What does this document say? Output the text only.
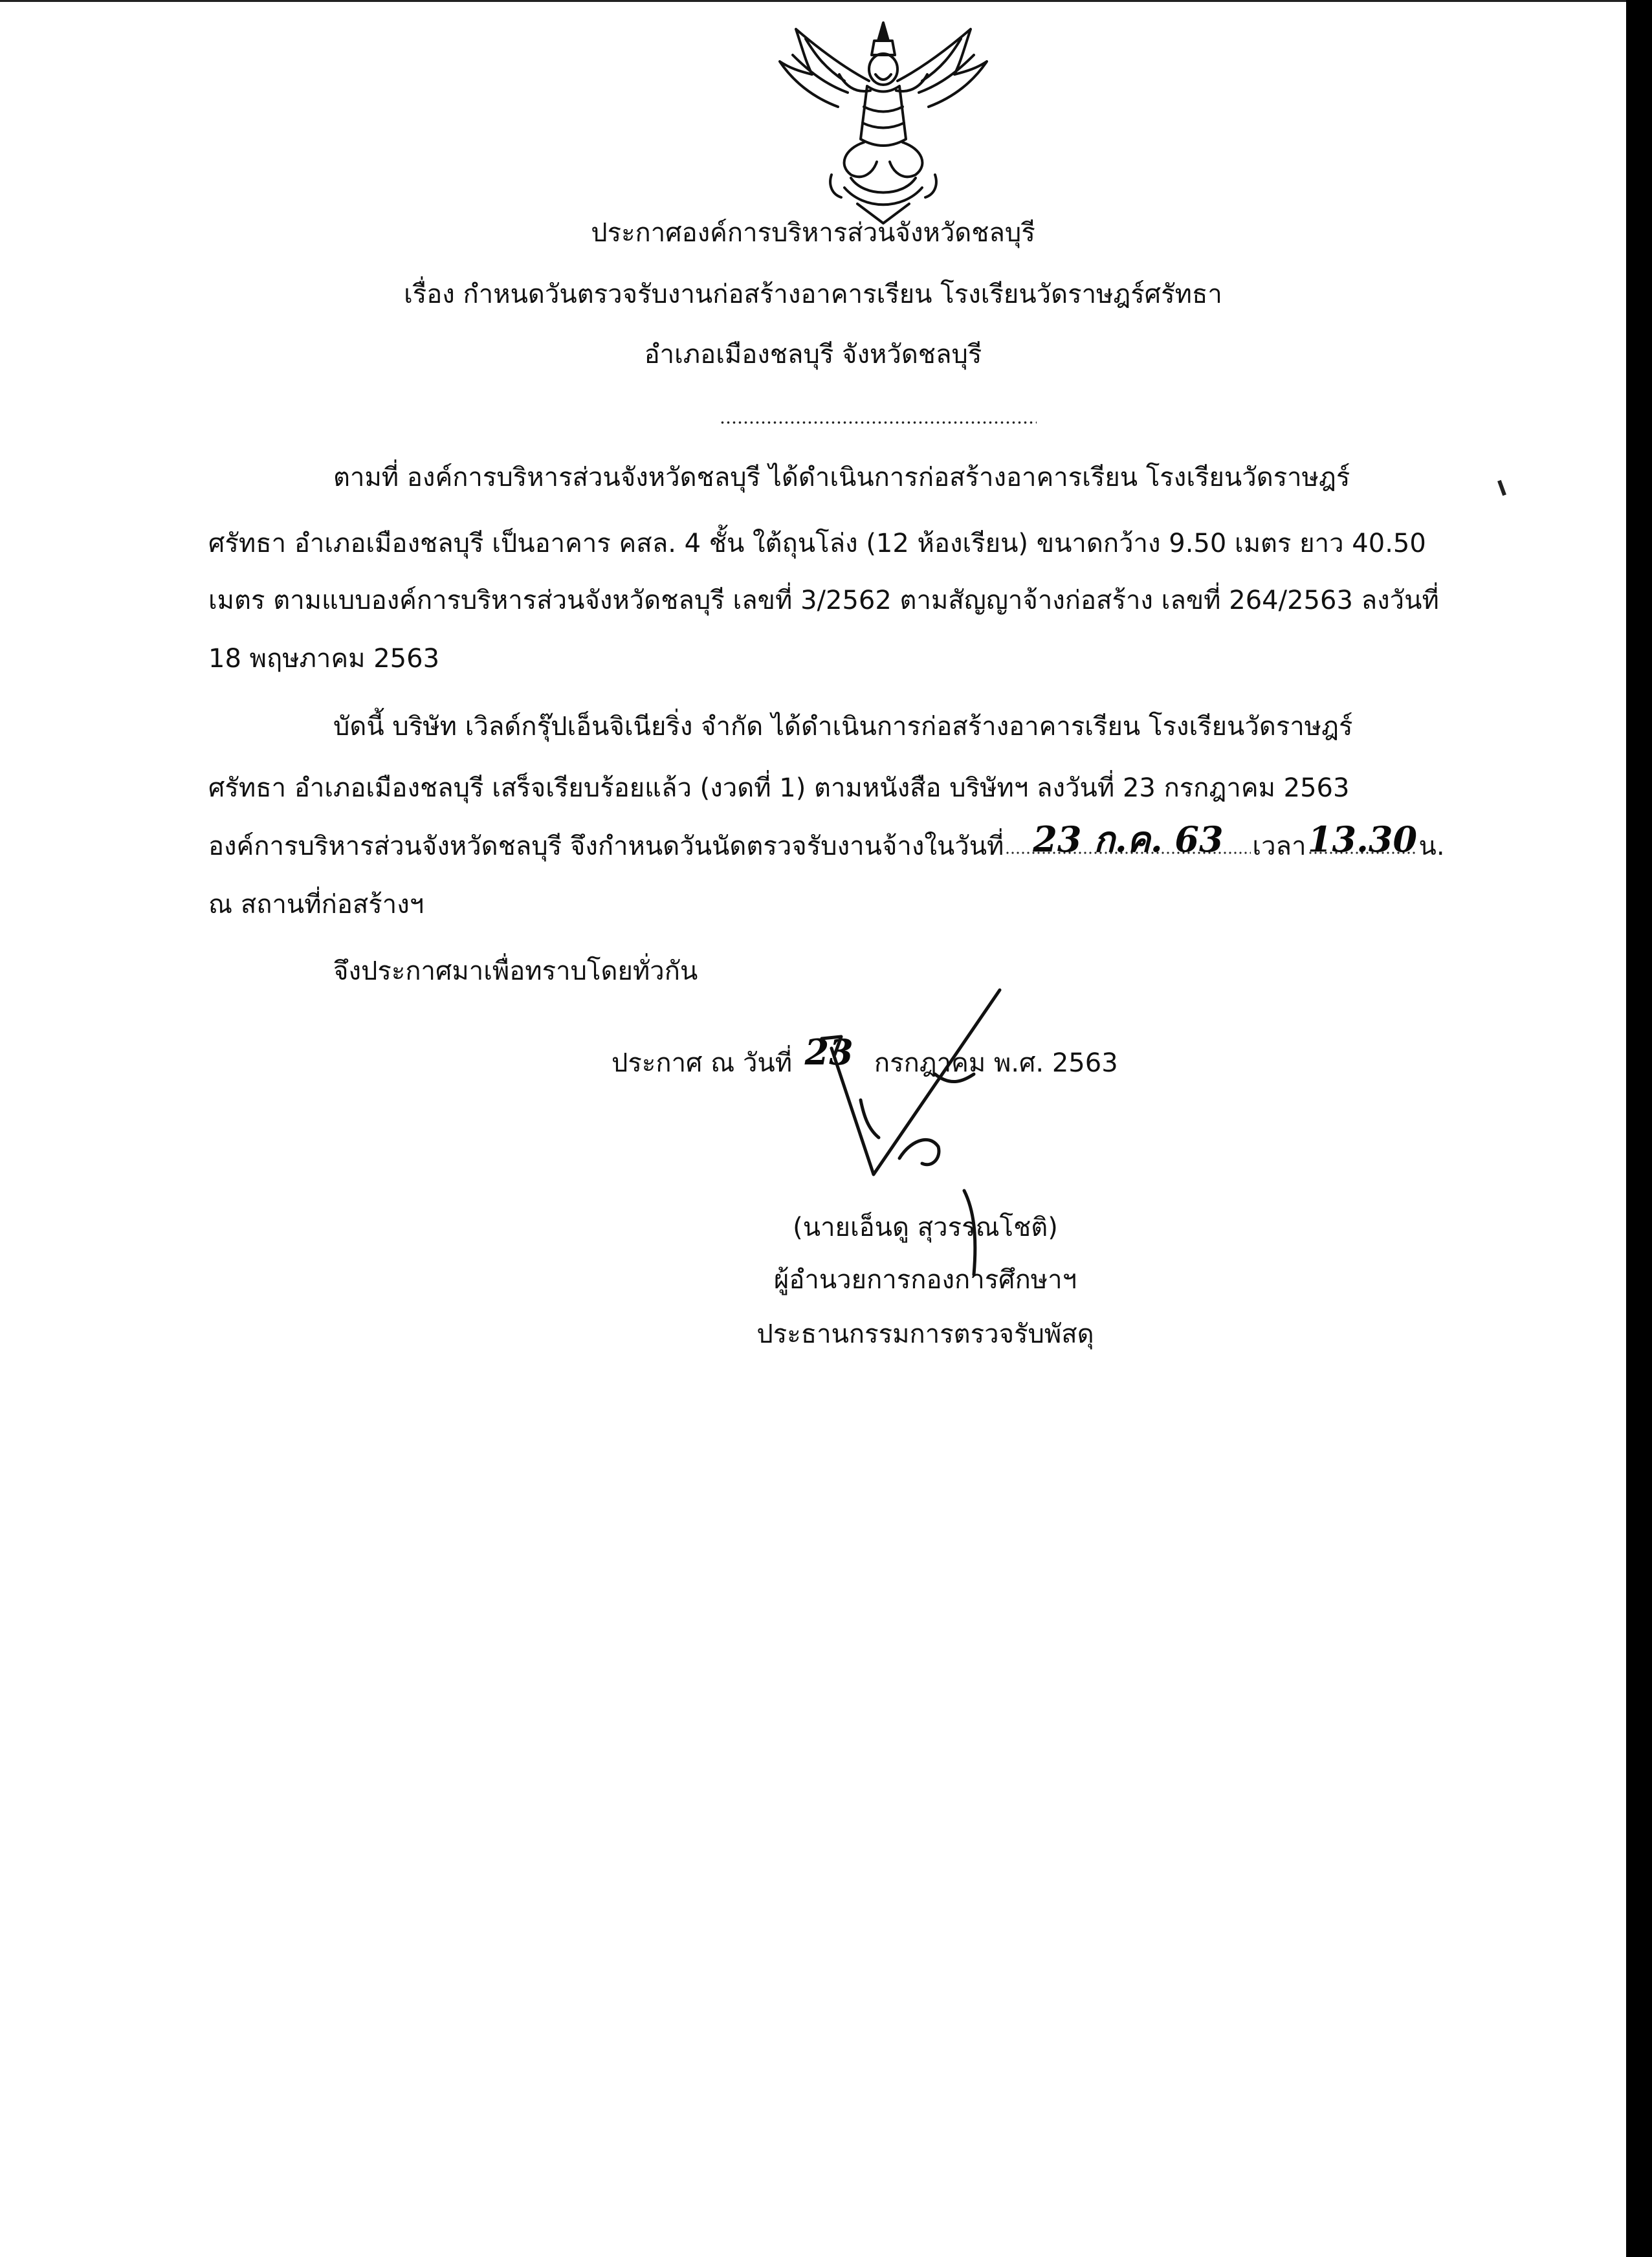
ประกาศองค์การบริหารส่วนจังหวัดชลบุรี
เรื่อง กำหนดวันตรวจรับงานก่อสร้างอาคารเรียน โรงเรียนวัดราษฎร์ศรัทธา
อำเภอเมืองชลบุรี จังหวัดชลบุรี
ตามที่ องค์การบริหารส่วนจังหวัดชลบุรี ได้ดำเนินการก่อสร้างอาคารเรียน โรงเรียนวัดราษฎร์
ศรัทธา อำเภอเมืองชลบุรี เป็นอาคาร คสล. 4 ชั้น ใต้ถุนโล่ง (12 ห้องเรียน) ขนาดกว้าง 9.50 เมตร ยาว 40.50
เมตร ตามแบบองค์การบริหารส่วนจังหวัดชลบุรี เลขที่ 3/2562 ตามสัญญาจ้างก่อสร้าง เลขที่ 264/2563 ลงวันที่
18 พฤษภาคม 2563
บัดนี้ บริษัท เวิลด์กรุ๊ปเอ็นจิเนียริ่ง จำกัด ได้ดำเนินการก่อสร้างอาคารเรียน โรงเรียนวัดราษฎร์
ศรัทธา อำเภอเมืองชลบุรี เสร็จเรียบร้อยแล้ว (งวดที่ 1) ตามหนังสือ บริษัทฯ ลงวันที่ 23 กรกฎาคม 2563
องค์การบริหารส่วนจังหวัดชลบุรี จึงกำหนดวันนัดตรวจรับงานจ้างในวันที่ 23 ก.ค. 63	เวลา 13.30 น.
ณ สถานที่ก่อสร้างฯ
จึงประกาศมาเพื่อทราบโดยทั่วกัน
ประกาศ ณ วันที่ 23 กรกฎาคม พ.ศ. 2563
(นายเอ็นดู สุวรรณโชติ)
ผู้อำนวยการกองการศึกษาฯ
ประธานกรรมการตรวจรับพัสดุ
